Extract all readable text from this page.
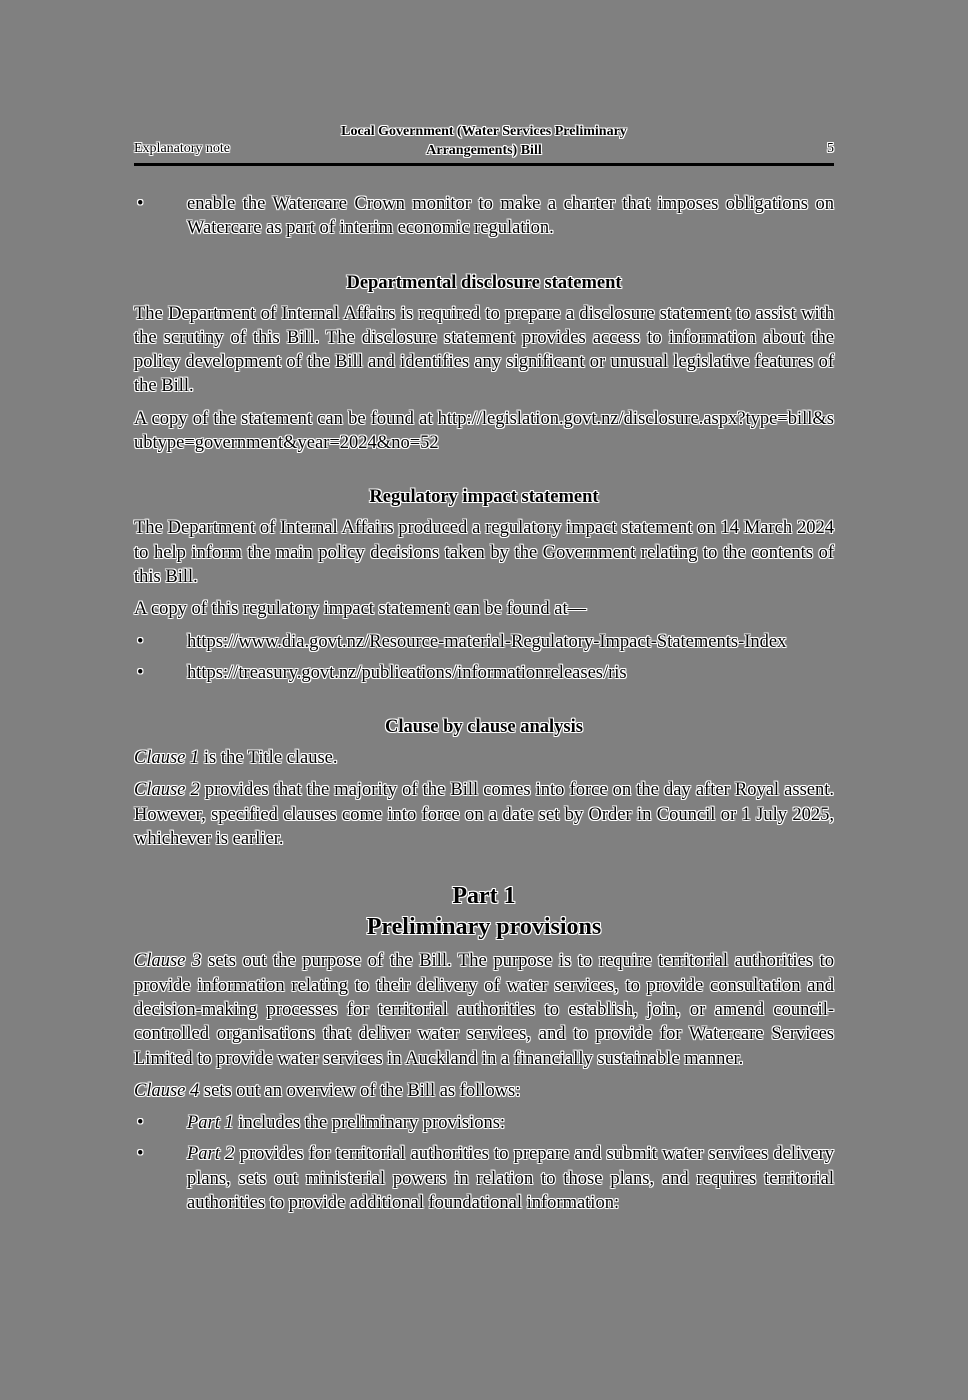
Explanatory note
Local Government (Water Services Preliminary
Arrangements) Bill	5
• enable the Watercare Crown monitor to make a charter that imposes obligations on Watercare as part of interim economic regulation.
Departmental disclosure statement

The Department of Internal Affairs is required to prepare a disclosure statement to assist with the scrutiny of this Bill. The disclosure statement provides access to information about the policy development of the Bill and identifies any significant or unusual legislative features of the Bill.

A copy of the statement can be found at http://legislation.govt.nz/disclosure.aspx?type=bill&subtype=government&year=2024&no=52

Regulatory impact statement

The Department of Internal Affairs produced a regulatory impact statement on 14 March 2024 to help inform the main policy decisions taken by the Government relating to the contents of this Bill.

A copy of this regulatory impact statement can be found at—

• https://www.dia.govt.nz/Resource-material-Regulatory-Impact-Statements-Index
• https://treasury.govt.nz/publications/informationreleases/ris
Clause by clause analysis

Clause 1 is the Title clause.

Clause 2 provides that the majority of the Bill comes into force on the day after Royal assent. However, specified clauses come into force on a date set by Order in Council or 1 July 2025, whichever is earlier.

Part 1
Preliminary provisions

Clause 3 sets out the purpose of the Bill. The purpose is to require territorial authorities to provide information relating to their delivery of water services, to provide consultation and decision-making processes for territorial authorities to establish, join, or amend council-controlled organisations that deliver water services, and to provide for Watercare Services Limited to provide water services in Auckland in a financially sustainable manner.

Clause 4 sets out an overview of the Bill as follows:

• Part 1 includes the preliminary provisions:
• Part 2 provides for territorial authorities to prepare and submit water services delivery plans, sets out ministerial powers in relation to those plans, and requires territorial authorities to provide additional foundational information:
